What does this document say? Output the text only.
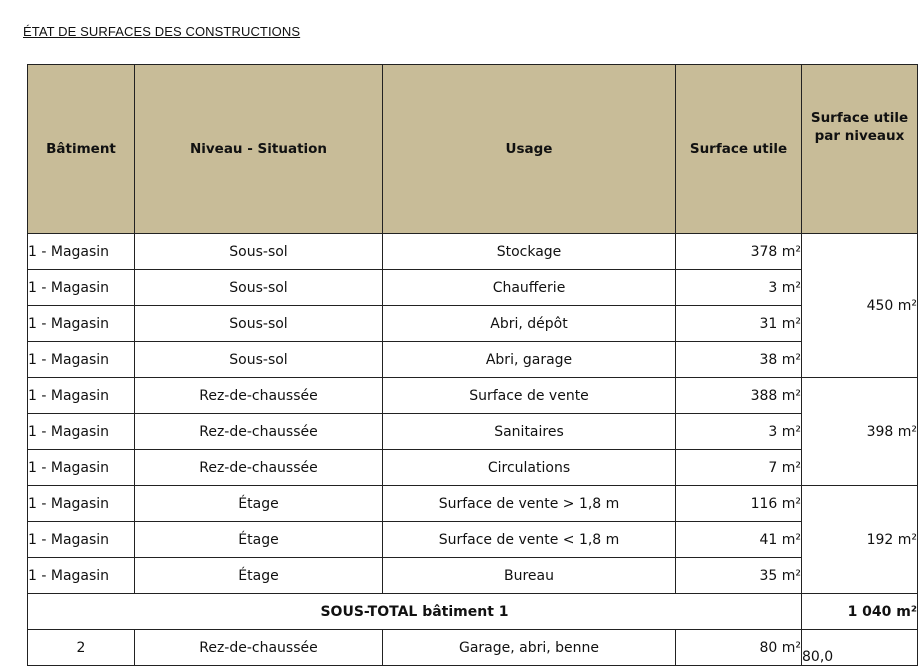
ÉTAT DE SURFACES DES CONSTRUCTIONS
Bâtiment	Niveau - Situation	Usage	Surface utile	Surface utile par niveaux
1 - Magasin	Sous-sol	Stockage	378 m²	450 m²
1 - Magasin	Sous-sol	Chaufferie	3 m²	
1 - Magasin	Sous-sol	Abri, dépôt	31 m²	
1 - Magasin	Sous-sol	Abri, garage	38 m²	
1 - Magasin	Rez-de-chaussée	Surface de vente	388 m²	398 m²
1 - Magasin	Rez-de-chaussée	Sanitaires	3 m²	
1 - Magasin	Rez-de-chaussée	Circulations	7 m²	
1 - Magasin	Étage	Surface de vente > 1,8 m	116 m²	192 m²
1 - Magasin	Étage	Surface de vente < 1,8 m	41 m²	
1 - Magasin	Étage	Bureau	35 m²	
SOUS-TOTAL bâtiment 1				1 040 m²
2	Rez-de-chaussée	Garage, abri, benne	80 m²	80,0
